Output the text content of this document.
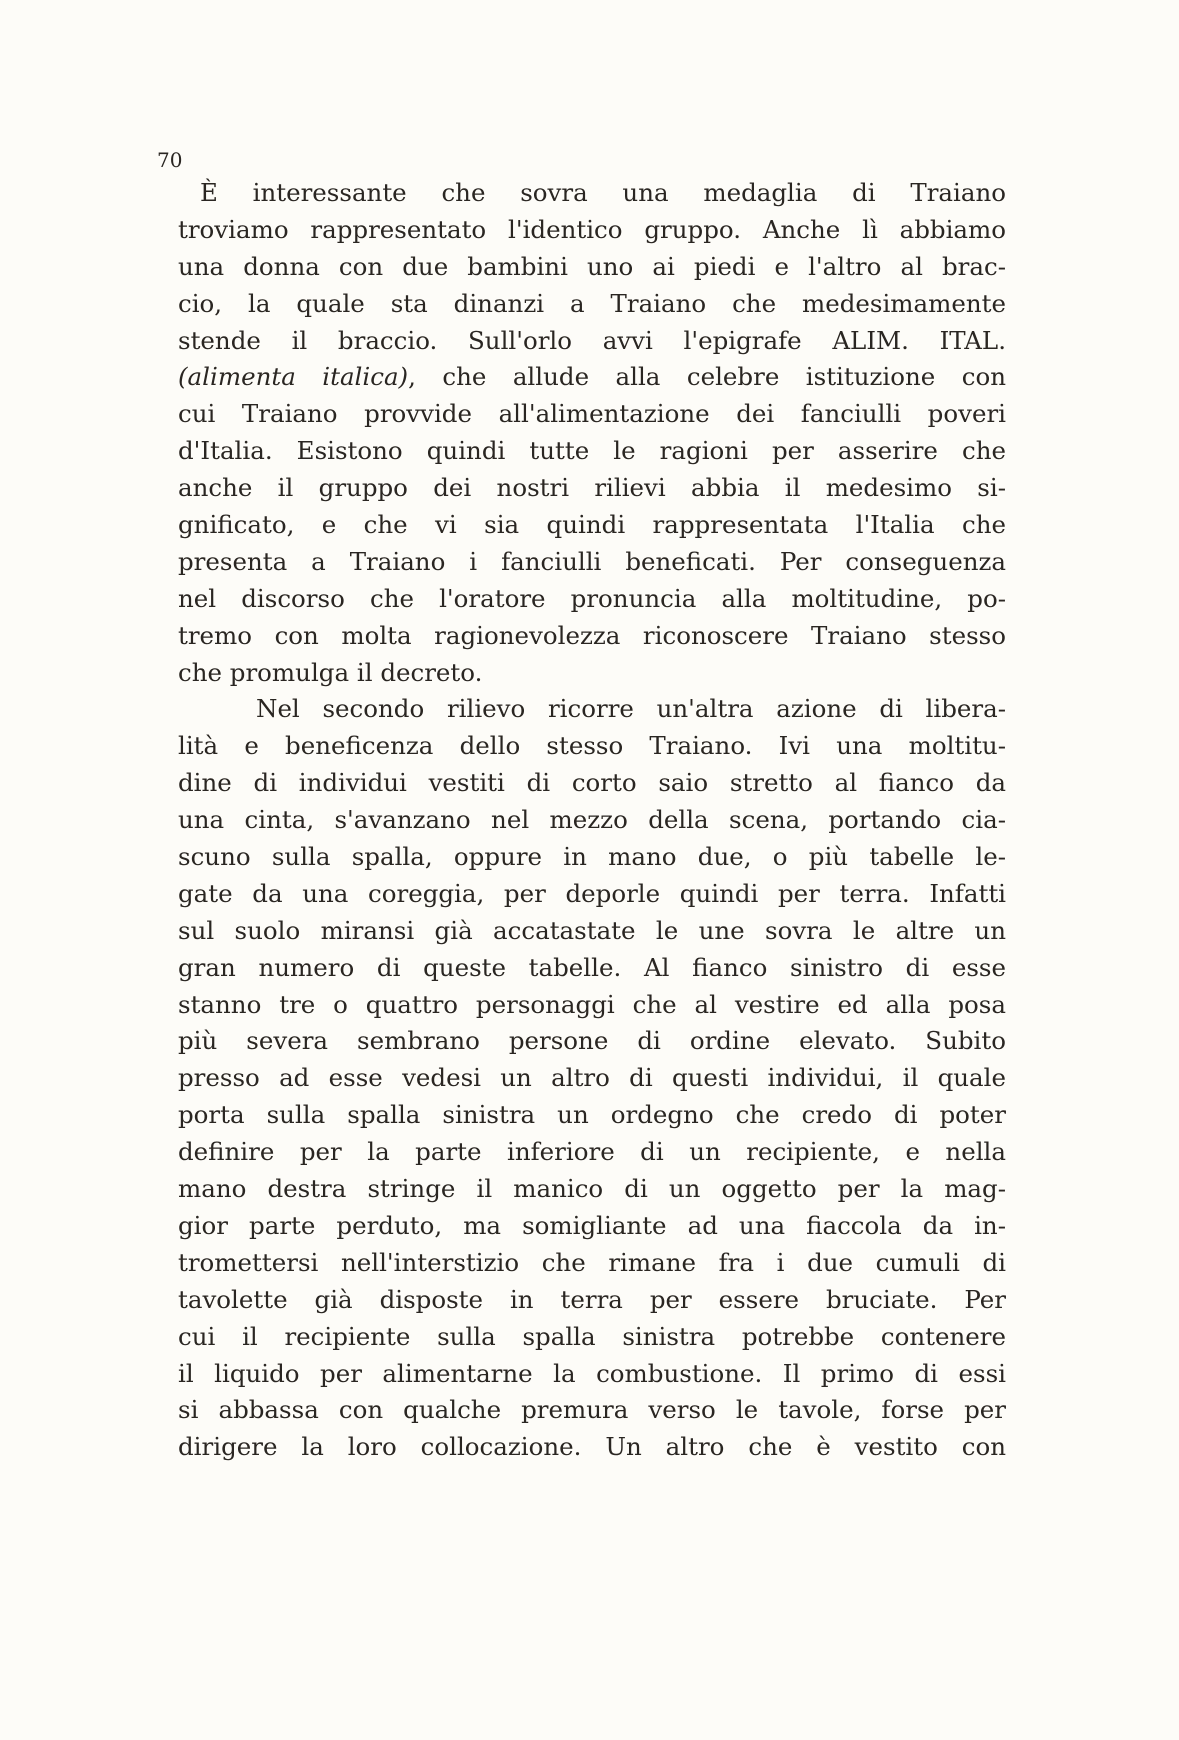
70
È interessante che sovra una medaglia di Traiano
troviamo rappresentato l'identico gruppo. Anche lì abbiamo
una donna con due bambini uno ai piedi e l'altro al brac-
cio, la quale sta dinanzi a Traiano che medesimamente
stende il braccio. Sull'orlo avvi l'epigrafe ALIM. ITAL.
(alimenta italica), che allude alla celebre istituzione con
cui Traiano provvide all'alimentazione dei fanciulli poveri
d'Italia. Esistono quindi tutte le ragioni per asserire che
anche il gruppo dei nostri rilievi abbia il medesimo si-
gnificato, e che vi sia quindi rappresentata l'Italia che
presenta a Traiano i fanciulli beneficati. Per conseguenza
nel discorso che l'oratore pronuncia alla moltitudine, po-
tremo con molta ragionevolezza riconoscere Traiano stesso
che promulga il decreto.
Nel secondo rilievo ricorre un'altra azione di libera-
lità e beneficenza dello stesso Traiano. Ivi una moltitu-
dine di individui vestiti di corto saio stretto al fianco da
una cinta, s'avanzano nel mezzo della scena, portando cia-
scuno sulla spalla, oppure in mano due, o più tabelle le-
gate da una coreggia, per deporle quindi per terra. Infatti
sul suolo miransi già accatastate le une sovra le altre un
gran numero di queste tabelle. Al fianco sinistro di esse
stanno tre o quattro personaggi che al vestire ed alla posa
più severa sembrano persone di ordine elevato. Subito
presso ad esse vedesi un altro di questi individui, il quale
porta sulla spalla sinistra un ordegno che credo di poter
definire per la parte inferiore di un recipiente, e nella
mano destra stringe il manico di un oggetto per la mag-
gior parte perduto, ma somigliante ad una fiaccola da in-
tromettersi nell'interstizio che rimane fra i due cumuli di
tavolette già disposte in terra per essere bruciate. Per
cui il recipiente sulla spalla sinistra potrebbe contenere
il liquido per alimentarne la combustione. Il primo di essi
si abbassa con qualche premura verso le tavole, forse per
dirigere la loro collocazione. Un altro che è vestito con
